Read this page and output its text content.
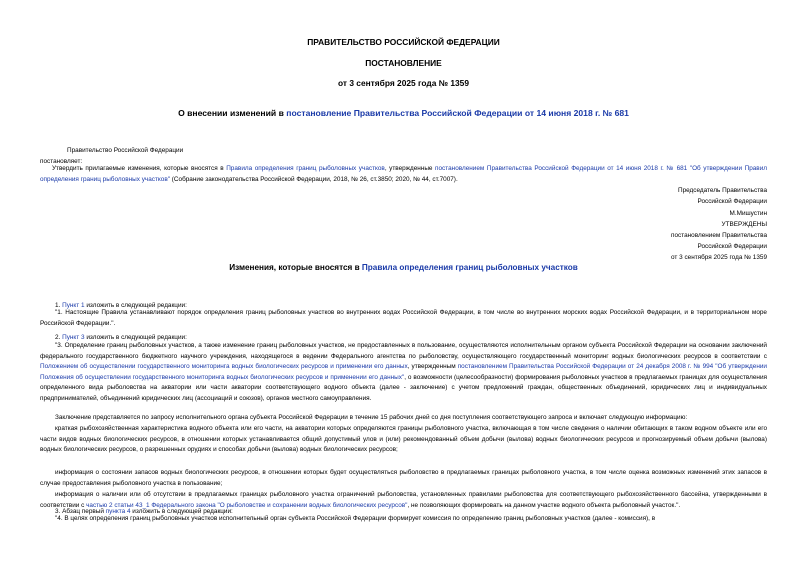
ПРАВИТЕЛЬСТВО РОССИЙСКОЙ ФЕДЕРАЦИИ
ПОСТАНОВЛЕНИЕ
от 3 сентября 2025 года № 1359
О внесении изменений в постановление Правительства Российской Федерации от 14 июня 2018 г. № 681
Правительство Российской Федерации
постановляет:
Утвердить прилагаемые изменения, которые вносятся в Правила определения границ рыболовных участков, утвержденные постановлением Правительства Российской Федерации от 14 июня 2018 г. № 681 "Об утверждении Правил определения границ рыболовных участков" (Собрание законодательства Российской Федерации, 2018, № 26, ст.3850; 2020, № 44, ст.7007).
Председатель Правительства
Российской Федерации
М.Мишустин
УТВЕРЖДЕНЫ
постановлением Правительства
Российской Федерации
от 3 сентября 2025 года № 1359
Изменения, которые вносятся в Правила определения границ рыболовных участков
1. Пункт 1 изложить в следующей редакции:
"1. Настоящие Правила устанавливают порядок определения границ рыболовных участков во внутренних водах Российской Федерации, в том числе во внутренних морских водах Российской Федерации, и в территориальном море Российской Федерации.".
2. Пункт 3 изложить в следующей редакции:
"3. Определение границ рыболовных участков, а также изменение границ рыболовных участков, не предоставленных в пользование, осуществляются исполнительным органом субъекта Российской Федерации на основании заключений федерального государственного бюджетного научного учреждения, находящегося в ведении Федерального агентства по рыболовству, осуществляющего государственный мониторинг водных биологических ресурсов в соответствии с Положением об осуществлении государственного мониторинга водных биологических ресурсов и применении его данных, утвержденным постановлением Правительства Российской Федерации от 24 декабря 2008 г. № 994 "Об утверждении Положения об осуществлении государственного мониторинга водных биологических ресурсов и применении его данных", о возможности (целесообразности) формирования рыболовных участков в предлагаемых границах для осуществления определенного вида рыболовства на акватории или части акватории соответствующего водного объекта (далее - заключение) с учетом предложений граждан, общественных объединений, юридических лиц и индивидуальных предпринимателей, объединений юридических лиц (ассоциаций и союзов), органов местного самоуправления.
Заключение представляется по запросу исполнительного органа субъекта Российской Федерации в течение 15 рабочих дней со дня поступления соответствующего запроса и включает следующую информацию:
краткая рыбохозяйственная характеристика водного объекта или его части, на акватории которых определяются границы рыболовного участка, включающая в том числе сведения о наличии обитающих в таком водном объекте или его части видов водных биологических ресурсов, в отношении которых устанавливается общий допустимый улов и (или) рекомендованный объем добычи (вылова) водных биологических ресурсов и прогнозируемый объем добычи (вылова) водных биологических ресурсов, о разрешенных орудиях и способах добычи (вылова) водных биологических ресурсов;
информация о состоянии запасов водных биологических ресурсов, в отношении которых будет осуществляться рыболовство в предлагаемых границах рыболовного участка, в том числе оценка возможных изменений этих запасов в случае предоставления рыболовного участка в пользование;
информация о наличии или об отсутствии в предлагаемых границах рыболовного участка ограничений рыболовства, установленных правилами рыболовства для соответствующего рыбохозяйственного бассейна, утвержденными в соответствии с частью 2 статьи 43_1 Федерального закона "О рыболовстве и сохранении водных биологических ресурсов", не позволяющих формировать на данном участке водного объекта рыболовный участок.".
3. Абзац первый пункта 4 изложить в следующей редакции:
"4. В целях определения границ рыболовных участков исполнительный орган субъекта Российской Федерации формирует комиссия по определению границ рыболовных участков (далее - комиссия), в
